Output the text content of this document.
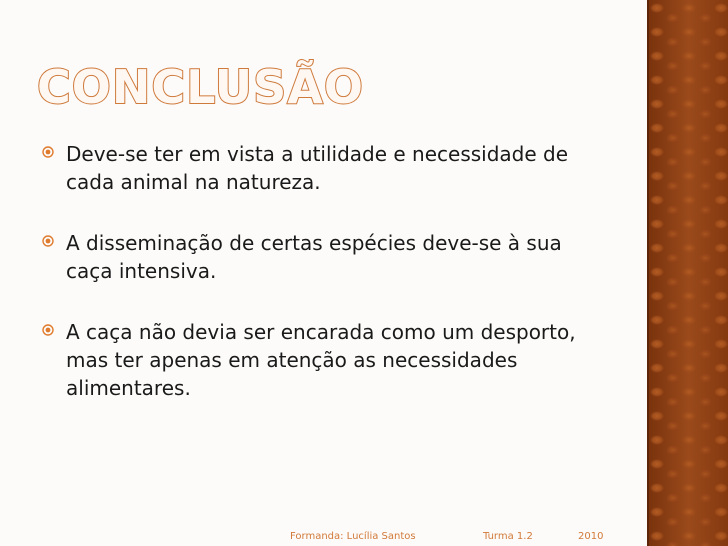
CONCLUSÃO
Deve-se ter em vista a utilidade e necessidade de cada animal na natureza.
A disseminação de certas espécies deve-se à sua caça intensiva.
A caça não devia ser encarada como um desporto, mas ter apenas em atenção as necessidades alimentares.
Formanda: Lucília Santos	Turma 1.2	2010
